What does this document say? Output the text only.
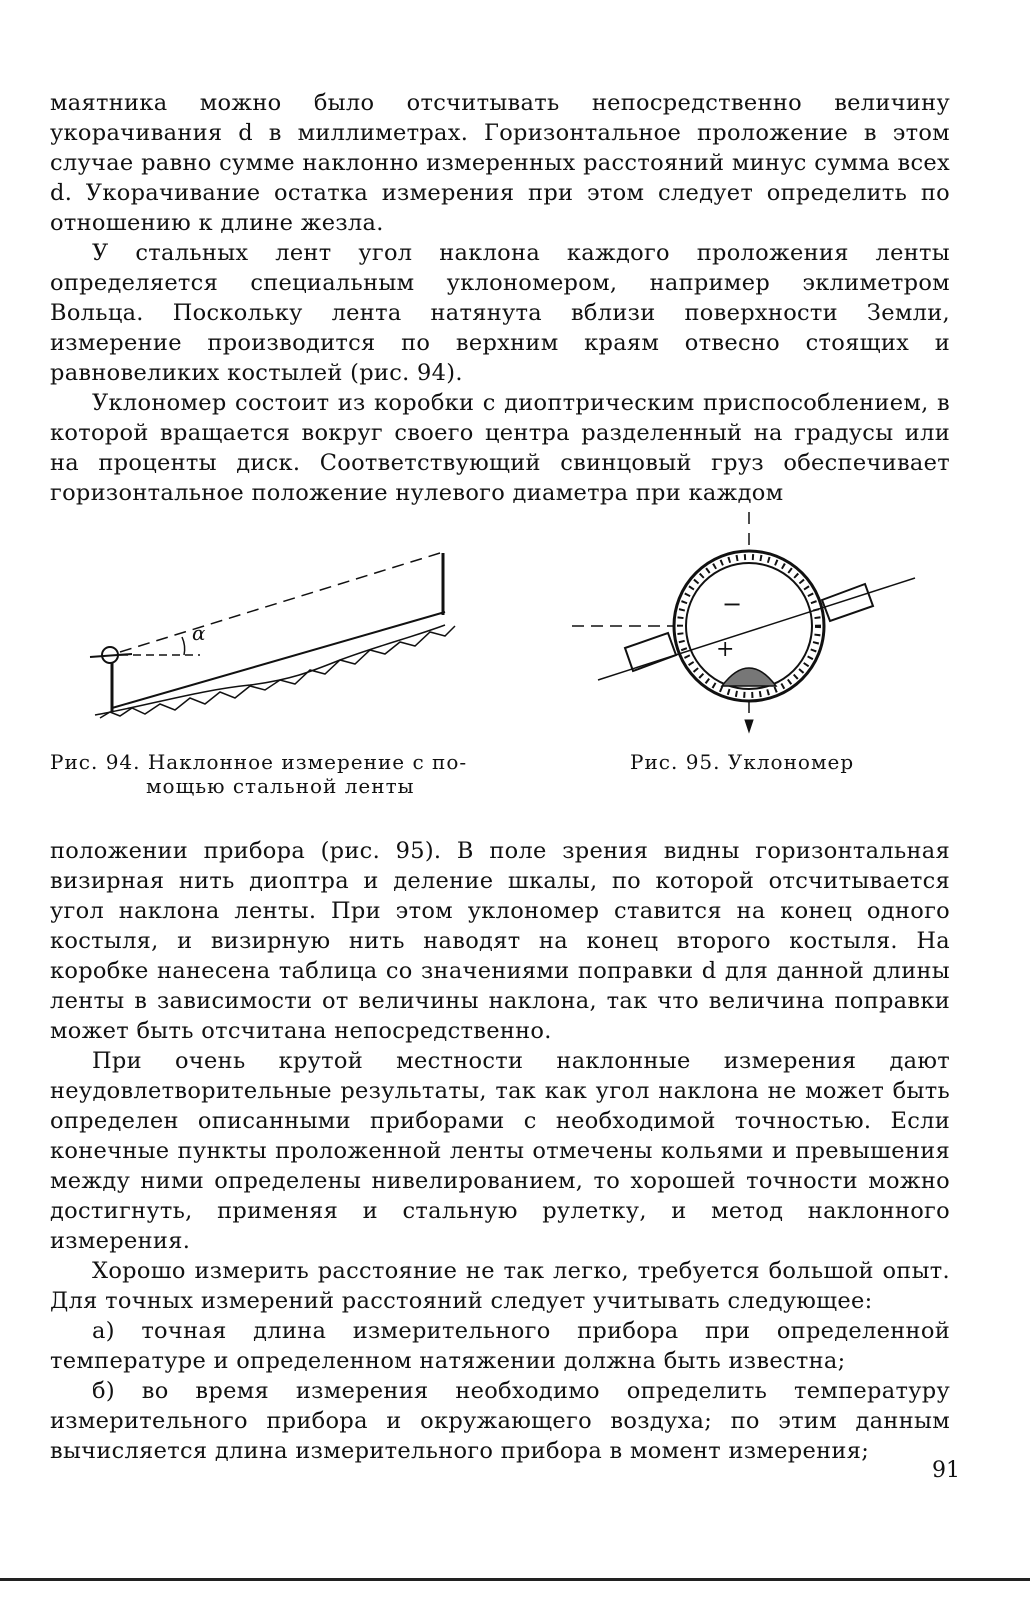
маятника можно было отсчитывать непосредственно величину укорачивания d в миллиметрах. Горизонтальное проложение в этом случае равно сумме наклонно измеренных расстояний минус сумма всех d. Укорачивание остатка измерения при этом следует определить по отношению к длине жезла.

У стальных лент угол наклона каждого проложения ленты определяется специальным уклономером, например эклиметром Вольца. Поскольку лента натянута вблизи поверхности Земли, измерение производится по верхним краям отвесно стоящих и равновеликих костылей (рис. 94).

Уклономер состоит из коробки с диоптрическим приспособлением, в которой вращается вокруг своего центра разделенный на градусы или на проценты диск. Соответствующий свинцовый груз обеспечивает горизонтальное положение нулевого диаметра при каждом

α
−
+
Рис. 94. Наклонное измерение с по-
мощью стальной ленты
Рис. 95. Уклономер

положении прибора (рис. 95). В поле зрения видны горизонтальная визирная нить диоптра и деление шкалы, по которой отсчитывается угол наклона ленты. При этом уклономер ставится на конец одного костыля, и визирную нить наводят на конец второго костыля. На коробке нанесена таблица со значениями поправки d для данной длины ленты в зависимости от величины наклона, так что величина поправки может быть отсчитана непосредственно.

При очень крутой местности наклонные измерения дают неудовлетворительные результаты, так как угол наклона не может быть определен описанными приборами с необходимой точностью. Если конечные пункты проложенной ленты отмечены кольями и превышения между ними определены нивелированием, то хорошей точности можно достигнуть, применяя и стальную рулетку, и метод наклонного измерения.

Хорошо измерить расстояние не так легко, требуется большой опыт. Для точных измерений расстояний следует учитывать следующее:

а) точная длина измерительного прибора при определенной температуре и определенном натяжении должна быть известна;

б) во время измерения необходимо определить температуру измерительного прибора и окружающего воздуха; по этим данным вычисляется длина измерительного прибора в момент измерения;

91
